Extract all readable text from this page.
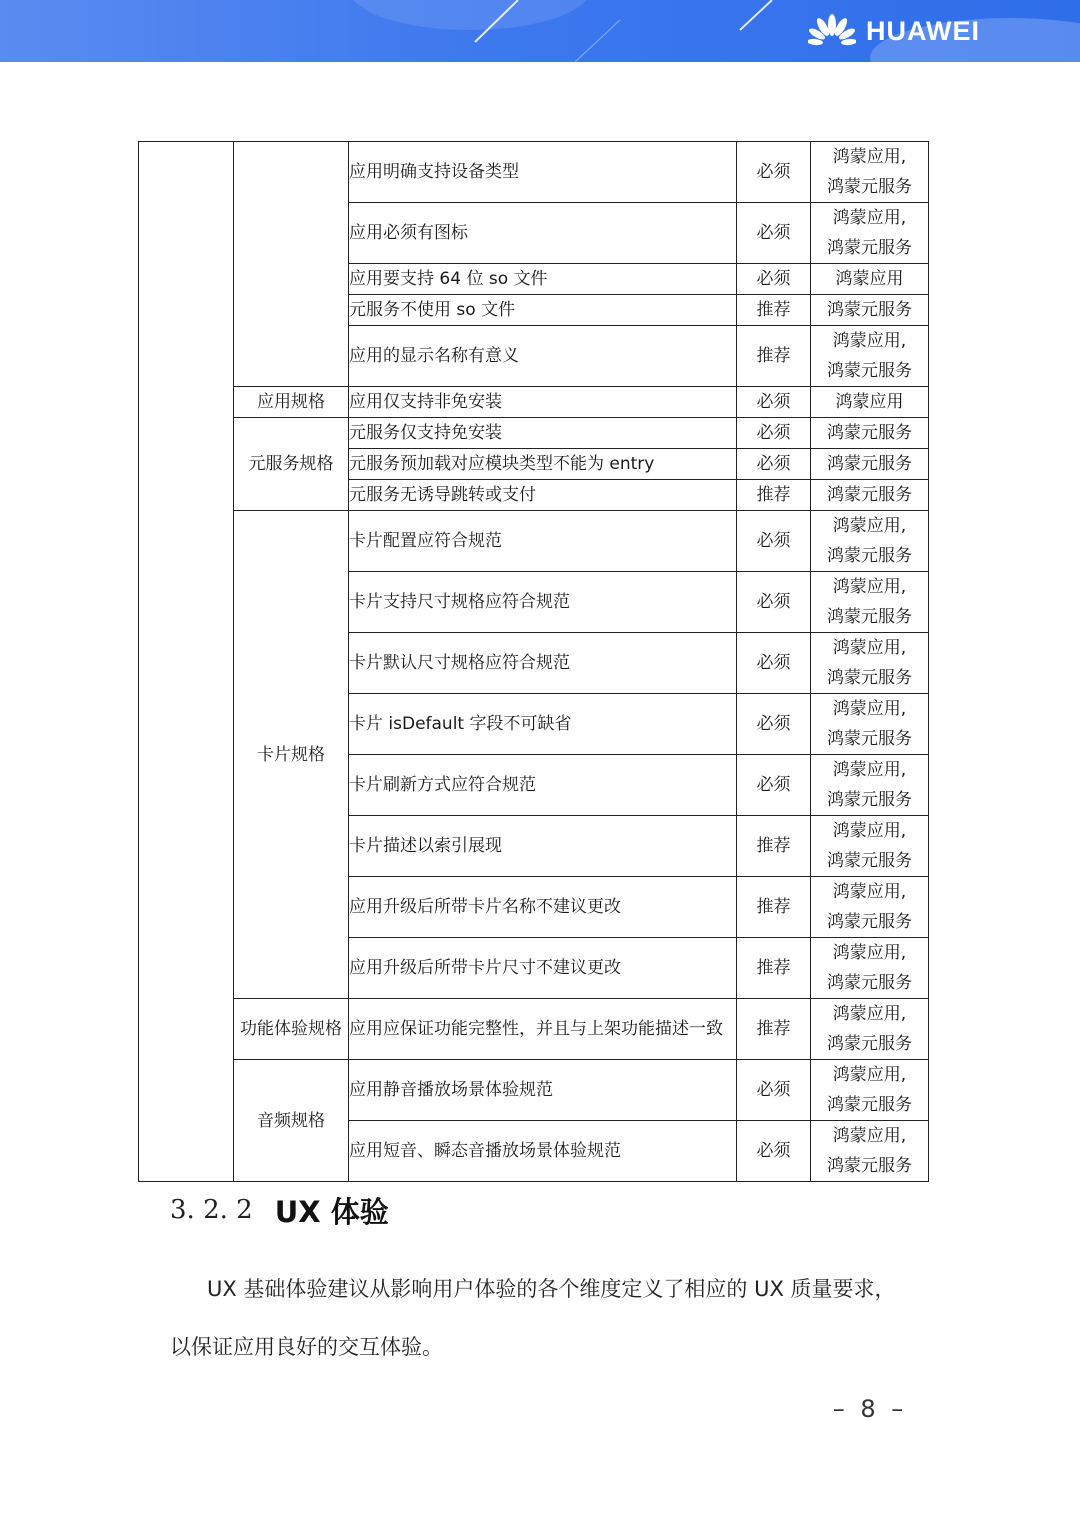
HUAWEI
		应用明确支持设备类型	必须	鸿蒙应用,
鸿蒙元服务

		应用必须有图标	必须	鸿蒙应用,
鸿蒙元服务

		应用要支持 64 位 so 文件	必须	鸿蒙应用

		元服务不使用 so 文件	推荐	鸿蒙元服务

		应用的显示名称有意义	推荐	鸿蒙应用,
鸿蒙元服务

	应用规格	应用仅支持非免安装	必须	鸿蒙应用

	元服务规格	元服务仅支持免安装	必须	鸿蒙元服务

		元服务预加载对应模块类型不能为 entry	必须	鸿蒙元服务

		元服务无诱导跳转或支付	推荐	鸿蒙元服务

	卡片规格	卡片配置应符合规范	必须	鸿蒙应用,
鸿蒙元服务

		卡片支持尺寸规格应符合规范	必须	鸿蒙应用,
鸿蒙元服务

		卡片默认尺寸规格应符合规范	必须	鸿蒙应用,
鸿蒙元服务

		卡片 isDefault 字段不可缺省	必须	鸿蒙应用,
鸿蒙元服务

		卡片刷新方式应符合规范	必须	鸿蒙应用,
鸿蒙元服务

		卡片描述以索引展现	推荐	鸿蒙应用,
鸿蒙元服务

		应用升级后所带卡片名称不建议更改	推荐	鸿蒙应用,
鸿蒙元服务

		应用升级后所带卡片尺寸不建议更改	推荐	鸿蒙应用,
鸿蒙元服务

	功能体验规格	应用应保证功能完整性，并且与上架功能描述一致	推荐	鸿蒙应用,
鸿蒙元服务

	音频规格	应用静音播放场景体验规范	必须	鸿蒙应用,
鸿蒙元服务

		应用短音、瞬态音播放场景体验规范	必须	鸿蒙应用,
鸿蒙元服务
3. 2. 2 UX 体验

UX 基础体验建议从影响用户体验的各个维度定义了相应的 UX 质量要求，以保证应用良好的交互体验。

– 8 –
